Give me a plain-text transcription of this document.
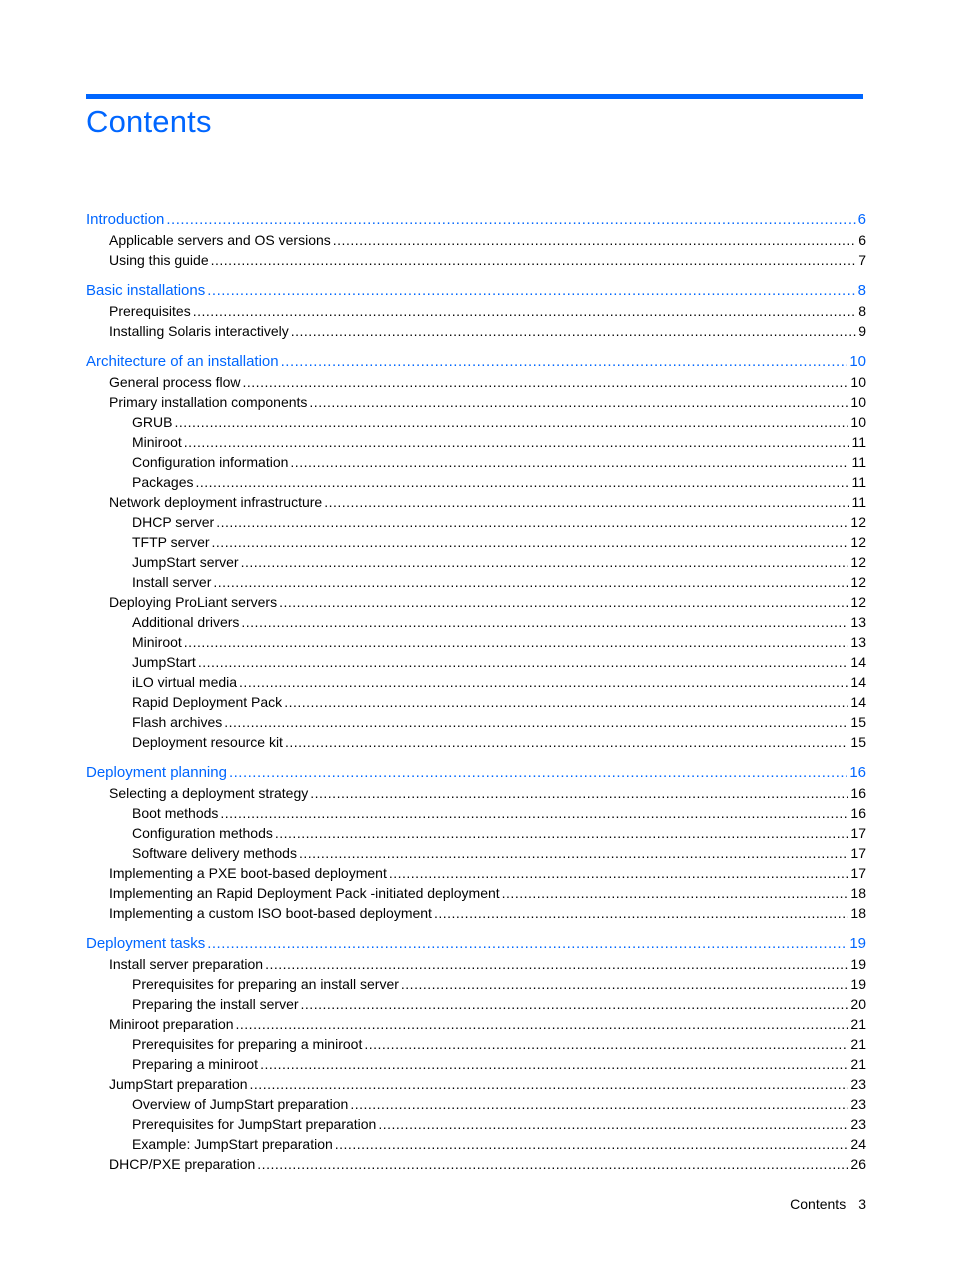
Contents
Introduction .....	6
Applicable servers and OS versions .....	6
Using this guide .....	7
Basic installations .....	8
Prerequisites .....	8
Installing Solaris interactively .....	9
Architecture of an installation .....	10
General process flow .....	10
Primary installation components .....	10
GRUB .....	10
Miniroot .....	11
Configuration information .....	11
Packages .....	11
Network deployment infrastructure .....	11
DHCP server .....	12
TFTP server .....	12
JumpStart server .....	12
Install server .....	12
Deploying ProLiant servers .....	12
Additional drivers .....	13
Miniroot .....	13
JumpStart .....	14
iLO virtual media .....	14
Rapid Deployment Pack .....	14
Flash archives .....	15
Deployment resource kit .....	15
Deployment planning .....	16
Selecting a deployment strategy .....	16
Boot methods .....	16
Configuration methods .....	17
Software delivery methods .....	17
Implementing a PXE boot-based deployment .....	17
Implementing an Rapid Deployment Pack -initiated deployment .....	18
Implementing a custom ISO boot-based deployment .....	18
Deployment tasks .....	19
Install server preparation .....	19
Prerequisites for preparing an install server .....	19
Preparing the install server .....	20
Miniroot preparation .....	21
Prerequisites for preparing a miniroot .....	21
Preparing a miniroot .....	21
JumpStart preparation .....	23
Overview of JumpStart preparation .....	23
Prerequisites for JumpStart preparation .....	23
Example: JumpStart preparation .....	24
DHCP/PXE preparation .....	26
Contents 3
